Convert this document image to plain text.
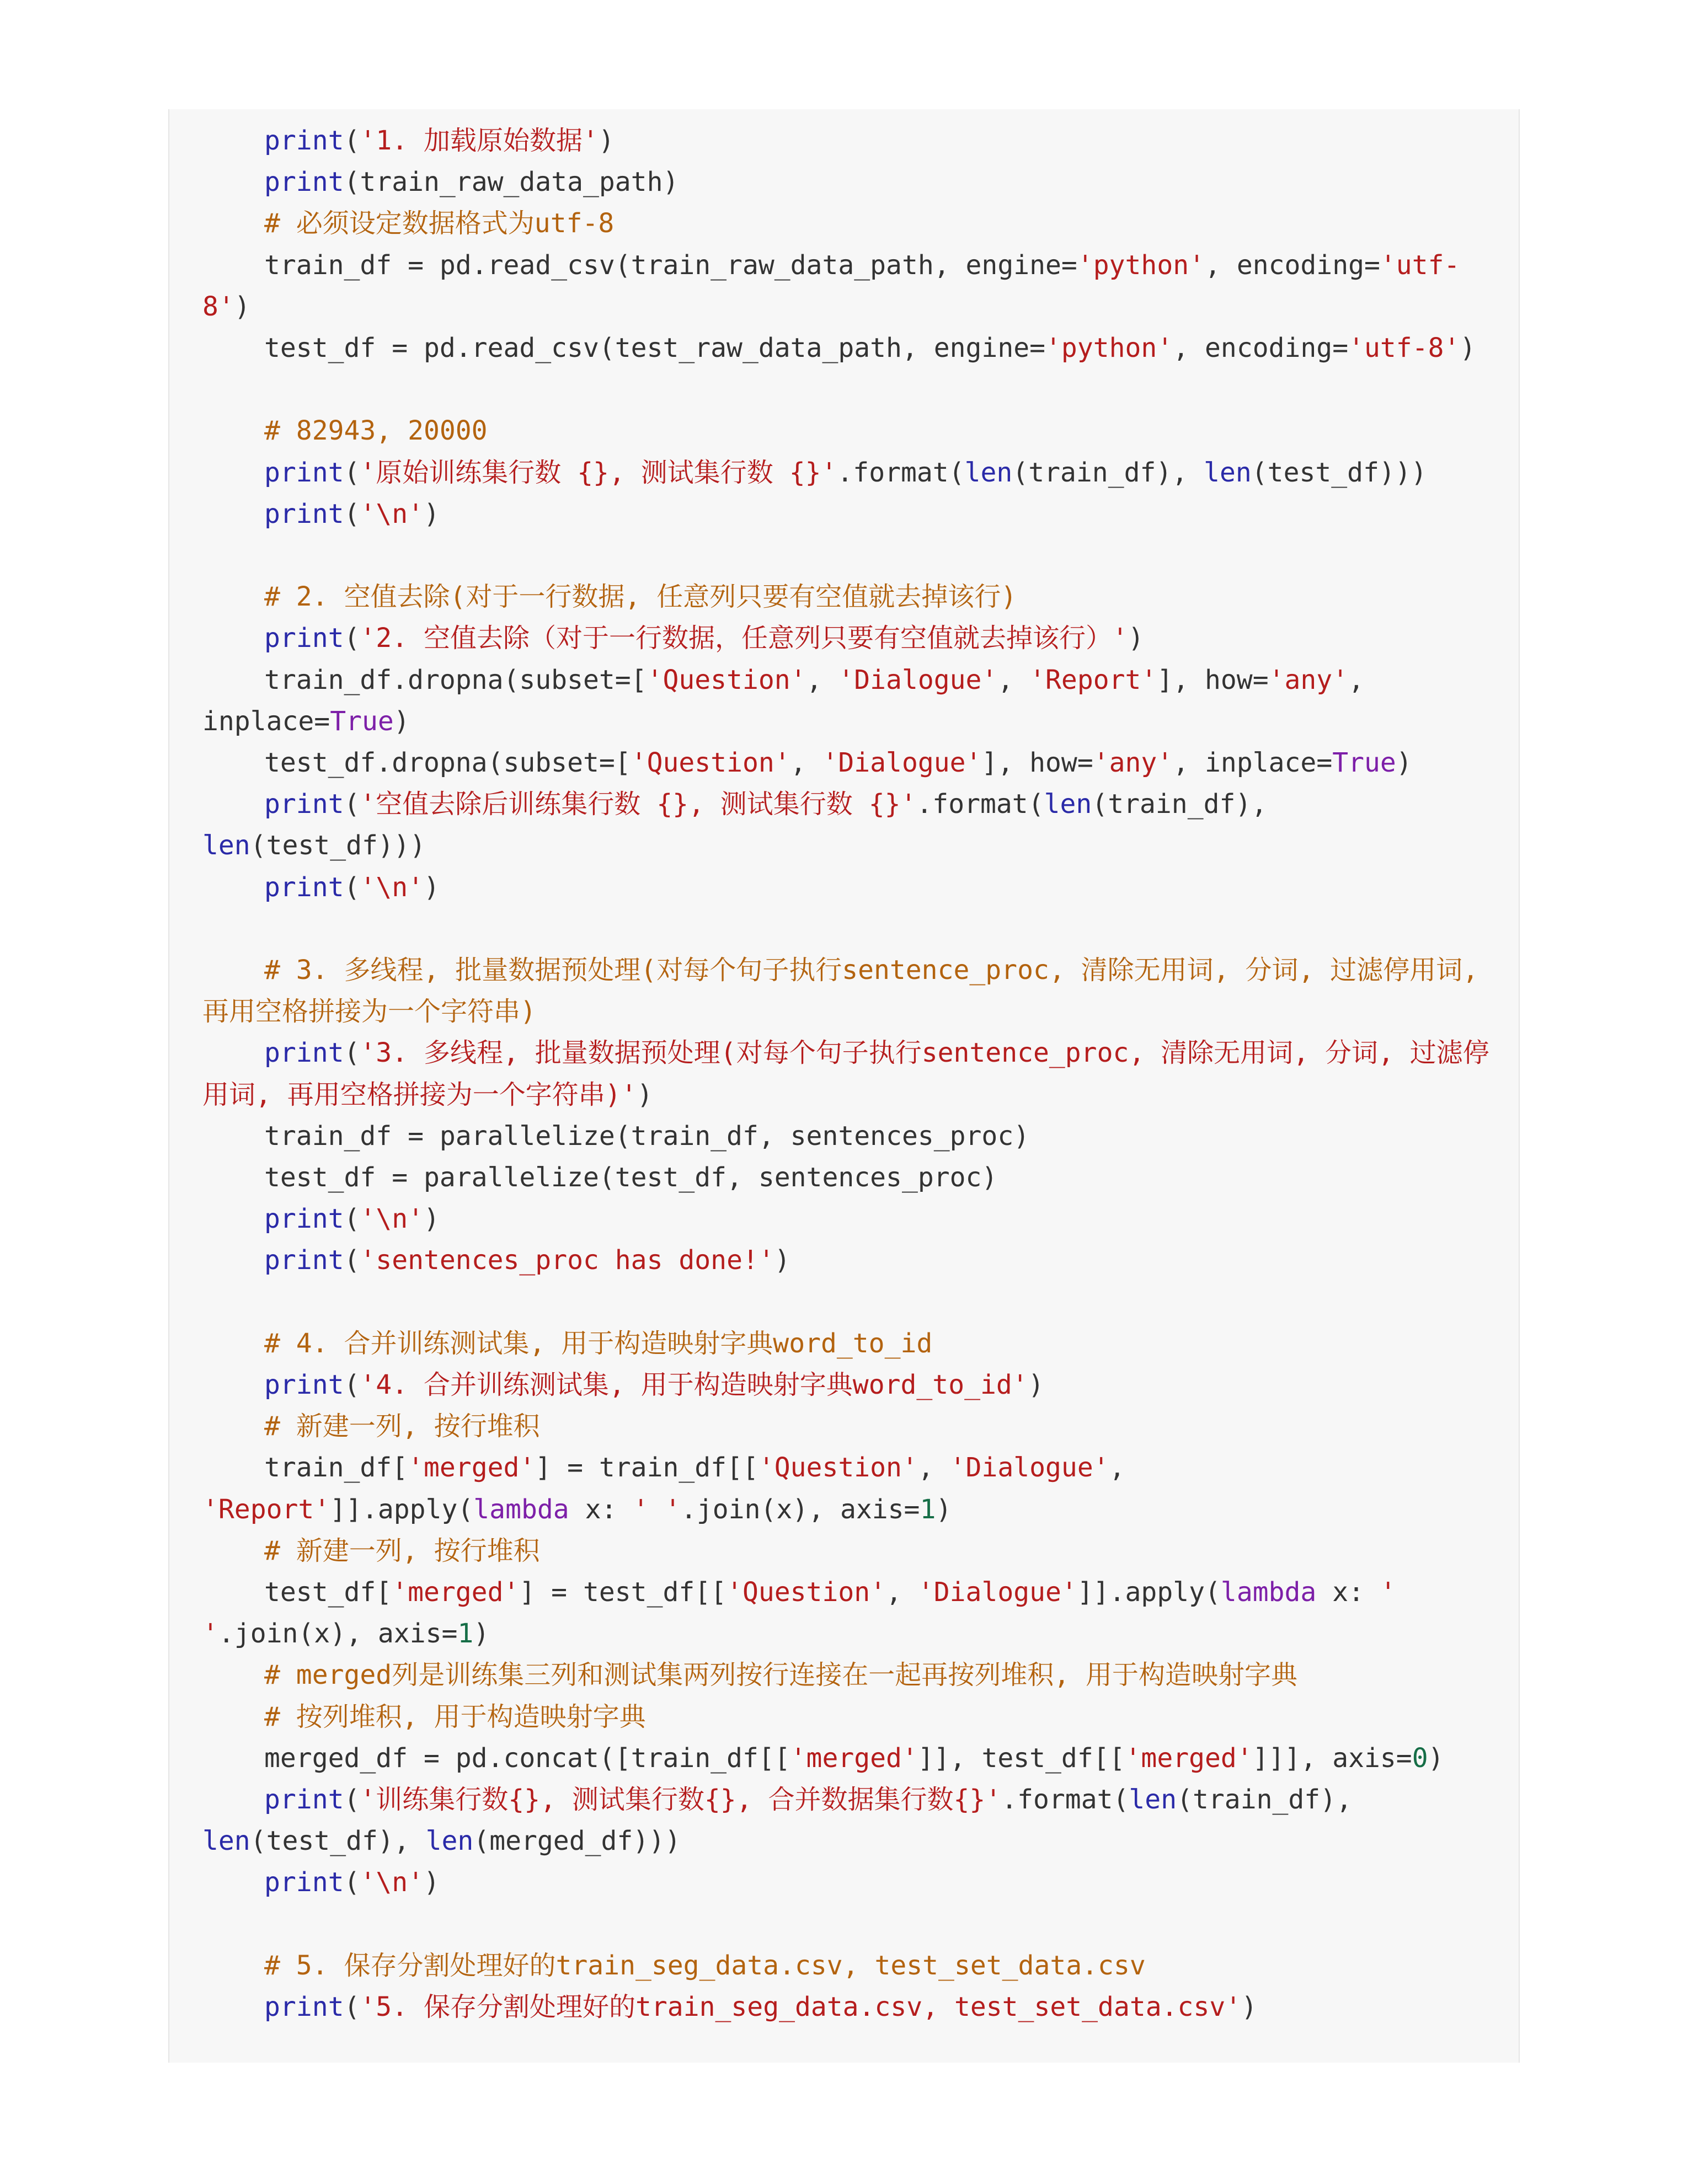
print('1. 加载原始数据')
print(train_raw_data_path)
# 必须设定数据格式为utf-8
train_df = pd.read_csv(train_raw_data_path, engine='python', encoding='utf-
8')
test_df = pd.read_csv(test_raw_data_path, engine='python', encoding='utf-8')
# 82943, 20000
print('原始训练集行数 {}, 测试集行数 {}'.format(len(train_df), len(test_df)))
print('\n')
# 2. 空值去除(对于一行数据, 任意列只要有空值就去掉该行)
print('2. 空值去除（对于一行数据，任意列只要有空值就去掉该行）')
train_df.dropna(subset=['Question', 'Dialogue', 'Report'], how='any',
inplace=True)
test_df.dropna(subset=['Question', 'Dialogue'], how='any', inplace=True)
print('空值去除后训练集行数 {}, 测试集行数 {}'.format(len(train_df),
len(test_df)))
print('\n')
# 3. 多线程, 批量数据预处理(对每个句子执行sentence_proc, 清除无用词, 分词, 过滤停用词,
再用空格拼接为一个字符串)
print('3. 多线程, 批量数据预处理(对每个句子执行sentence_proc, 清除无用词, 分词, 过滤停
用词, 再用空格拼接为一个字符串)')
train_df = parallelize(train_df, sentences_proc)
test_df = parallelize(test_df, sentences_proc)
print('\n')
print('sentences_proc has done!')
# 4. 合并训练测试集, 用于构造映射字典word_to_id
print('4. 合并训练测试集, 用于构造映射字典word_to_id')
# 新建一列, 按行堆积
train_df['merged'] = train_df[['Question', 'Dialogue',
'Report']].apply(lambda x: ' '.join(x), axis=1)
# 新建一列, 按行堆积
test_df['merged'] = test_df[['Question', 'Dialogue']].apply(lambda x: '
'.join(x), axis=1)
# merged列是训练集三列和测试集两列按行连接在一起再按列堆积, 用于构造映射字典
# 按列堆积, 用于构造映射字典
merged_df = pd.concat([train_df[['merged']], test_df[['merged']]], axis=0)
print('训练集行数{}, 测试集行数{}, 合并数据集行数{}'.format(len(train_df),
len(test_df), len(merged_df)))
print('\n')
# 5. 保存分割处理好的train_seg_data.csv, test_set_data.csv
print('5. 保存分割处理好的train_seg_data.csv, test_set_data.csv')
